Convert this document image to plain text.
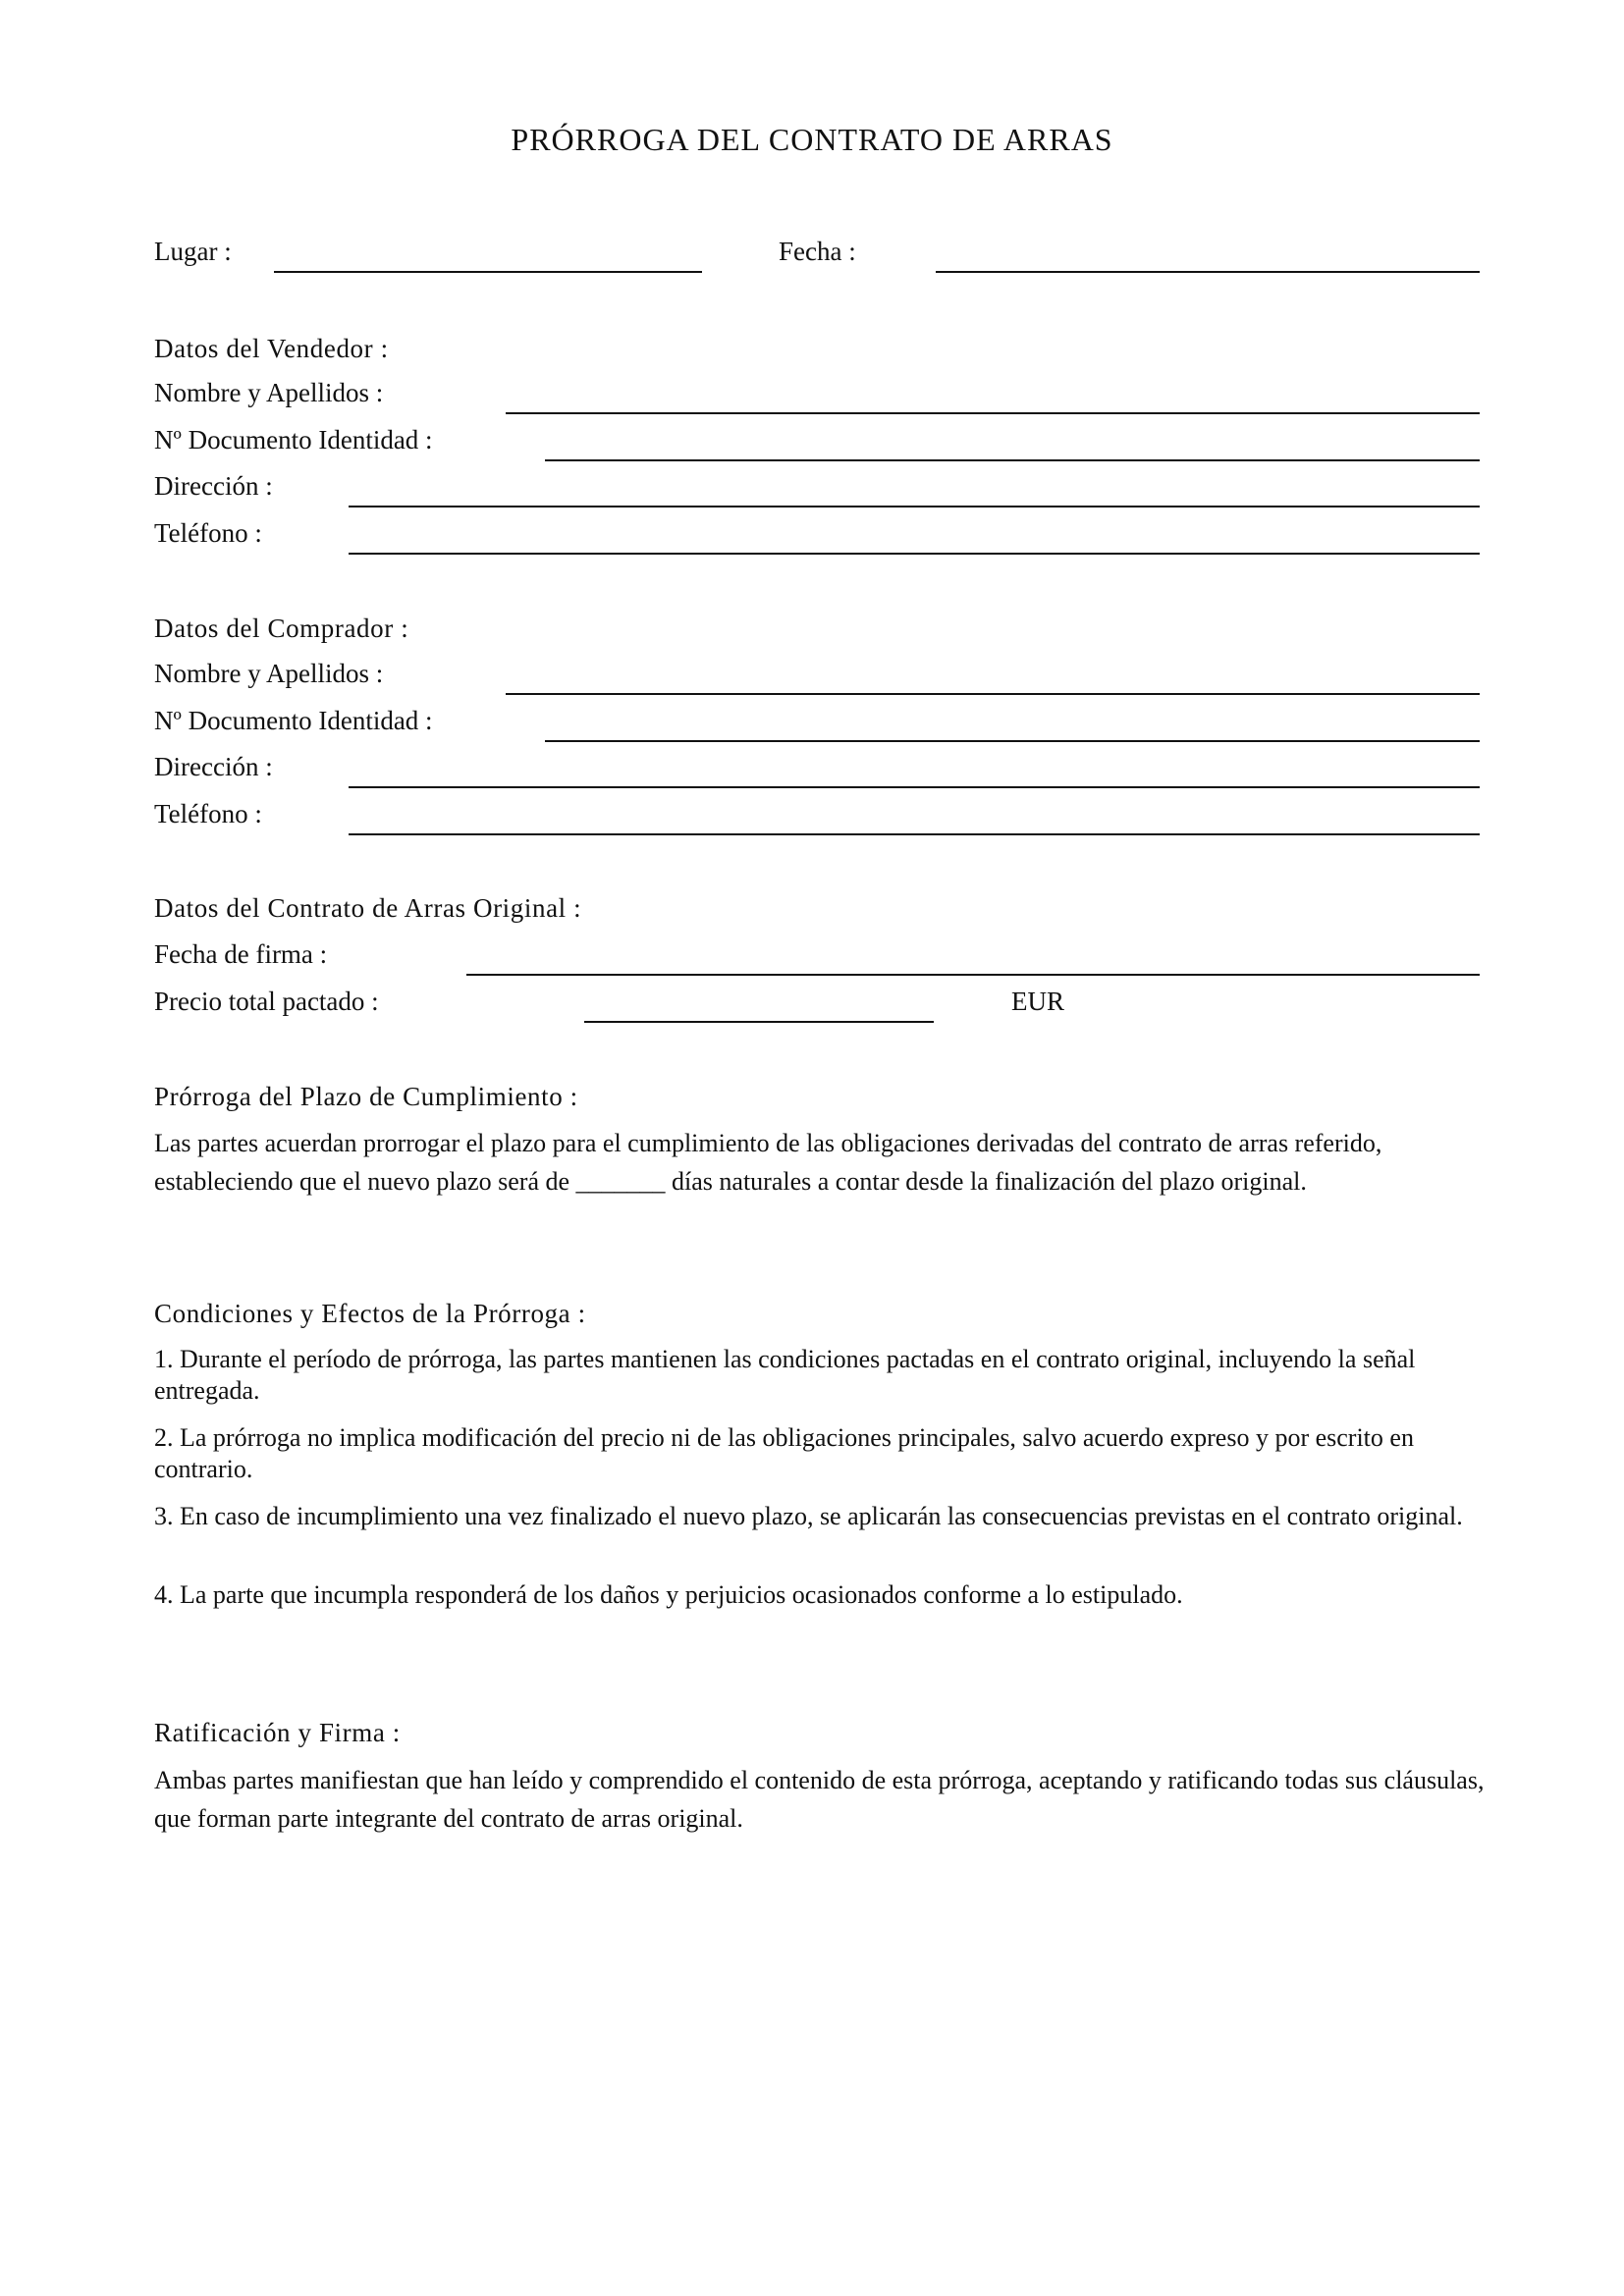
PRÓRROGA DEL CONTRATO DE ARRAS
Lugar :	Fecha :
Datos del Vendedor :
Nombre y Apellidos :
Nº Documento Identidad :
Dirección :
Teléfono :
Datos del Comprador :
Nombre y Apellidos :
Nº Documento Identidad :
Dirección :
Teléfono :
Datos del Contrato de Arras Original :
Fecha de firma :
Precio total pactado :	EUR
Prórroga del Plazo de Cumplimiento :
Las partes acuerdan prorrogar el plazo para el cumplimiento de las obligaciones derivadas del contrato de arras referido, estableciendo que el nuevo plazo será de _______ días naturales a contar desde la finalización del plazo original.
Condiciones y Efectos de la Prórroga :
1. Durante el período de prórroga, las partes mantienen las condiciones pactadas en el contrato original, incluyendo la señal entregada.
2. La prórroga no implica modificación del precio ni de las obligaciones principales, salvo acuerdo expreso y por escrito en contrario.
3. En caso de incumplimiento una vez finalizado el nuevo plazo, se aplicarán las consecuencias previstas en el contrato original.
4. La parte que incumpla responderá de los daños y perjuicios ocasionados conforme a lo estipulado.
Ratificación y Firma :
Ambas partes manifiestan que han leído y comprendido el contenido de esta prórroga, aceptando y ratificando todas sus cláusulas, que forman parte integrante del contrato de arras original.
